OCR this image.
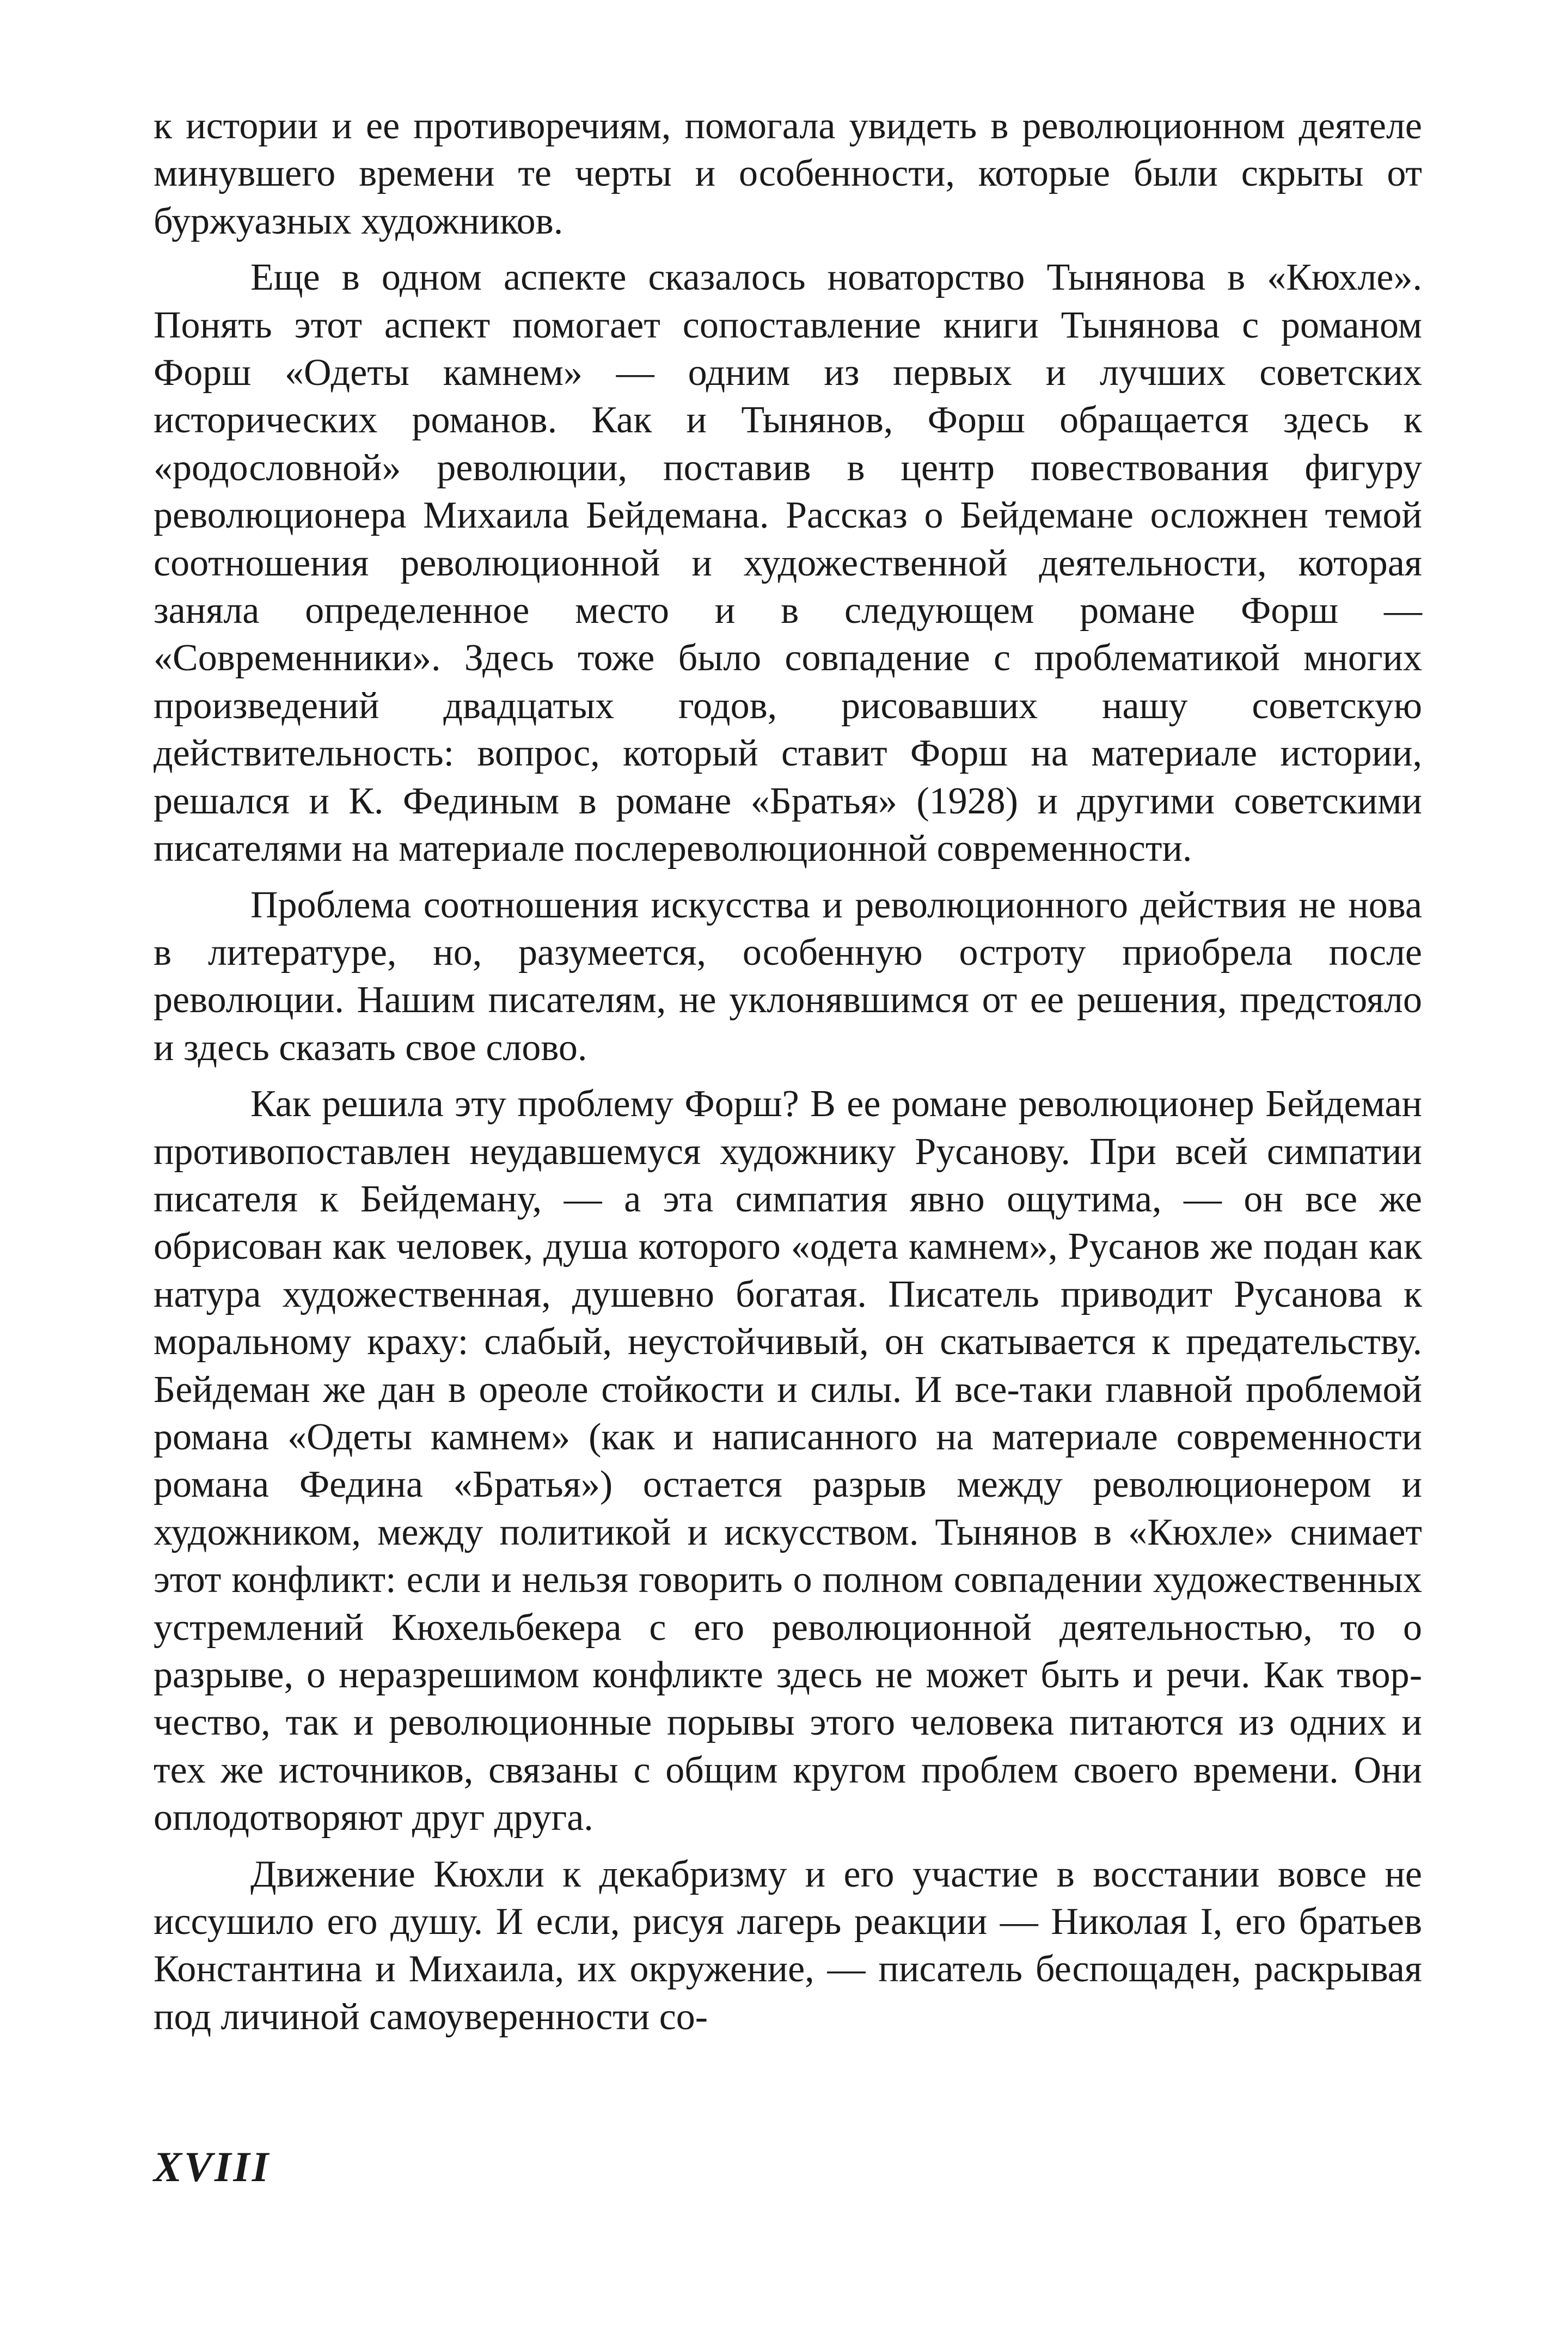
к истории и ее противоречиям, помогала увидеть в революционном деятеле минувшего времени те черты и особенности, которые были скрыты от буржуазных художников.

Еще в одном аспекте сказалось новаторство Тынянова в «Кюхле». Понять этот аспект помогает сопоставление книги Тынянова с романом Форш «Одеты камнем» — одним из первых и лучших советских исторических романов. Как и Тынянов, Форш обращается здесь к «родословной» революции, поставив в центр повествования фигуру революционера Михаила Бейдемана. Рассказ о Бейдемане осложнен темой соотношения революционной и художественной деятельности, которая заняла определенное место и в следующем романе Форш — «Современники». Здесь тоже было совпадение с проблематикой многих произведений двадцатых годов, рисовавших нашу советскую действительность: вопрос, который ставит Форш на материале истории, решался и К. Фединым в романе «Братья» (1928) и другими советскими писателями на материале послереволюционной современности.

Проблема соотношения искусства и революционного действия не нова в литературе, но, разумеется, особенную остроту приобрела после революции. Нашим писателям, не уклонявшимся от ее решения, предстояло и здесь сказать свое слово.

Как решила эту проблему Форш? В ее романе революционер Бейдеман противопоставлен неудавшемуся художнику Русанову. При всей симпатии писателя к Бейдеману, — а эта симпатия явно ощутима, — он все же обрисован как человек, душа которого «одета камнем», Русанов же подан как натура художественная, душевно богатая. Писатель приводит Русанова к моральному краху: слабый, неустойчивый, он скатывается к предательству. Бейдеман же дан в ореоле стойкости и силы. И все-таки главной проблемой романа «Одеты камнем» (как и написанного на материале современности романа Федина «Братья») остается разрыв между революционером и художником, между политикой и искусством. Тынянов в «Кюхле» снимает этот конфликт: если и нельзя говорить о полном совпадении художественных устремлений Кюхельбекера с его революционной деятельностью, то о разрыве, о неразрешимом конфликте здесь не может быть и речи. Как творчество, так и революционные порывы этого человека питаются из одних и тех же источников, связаны с общим кругом проблем своего времени. Они оплодотворяют друг друга.

Движение Кюхли к декабризму и его участие в восстании вовсе не иссушило его душу. И если, рисуя лагерь реакции — Николая I, его братьев Константина и Михаила, их окружение, — писатель беспощаден, раскрывая под личиной самоуверенности со-

XVIII
